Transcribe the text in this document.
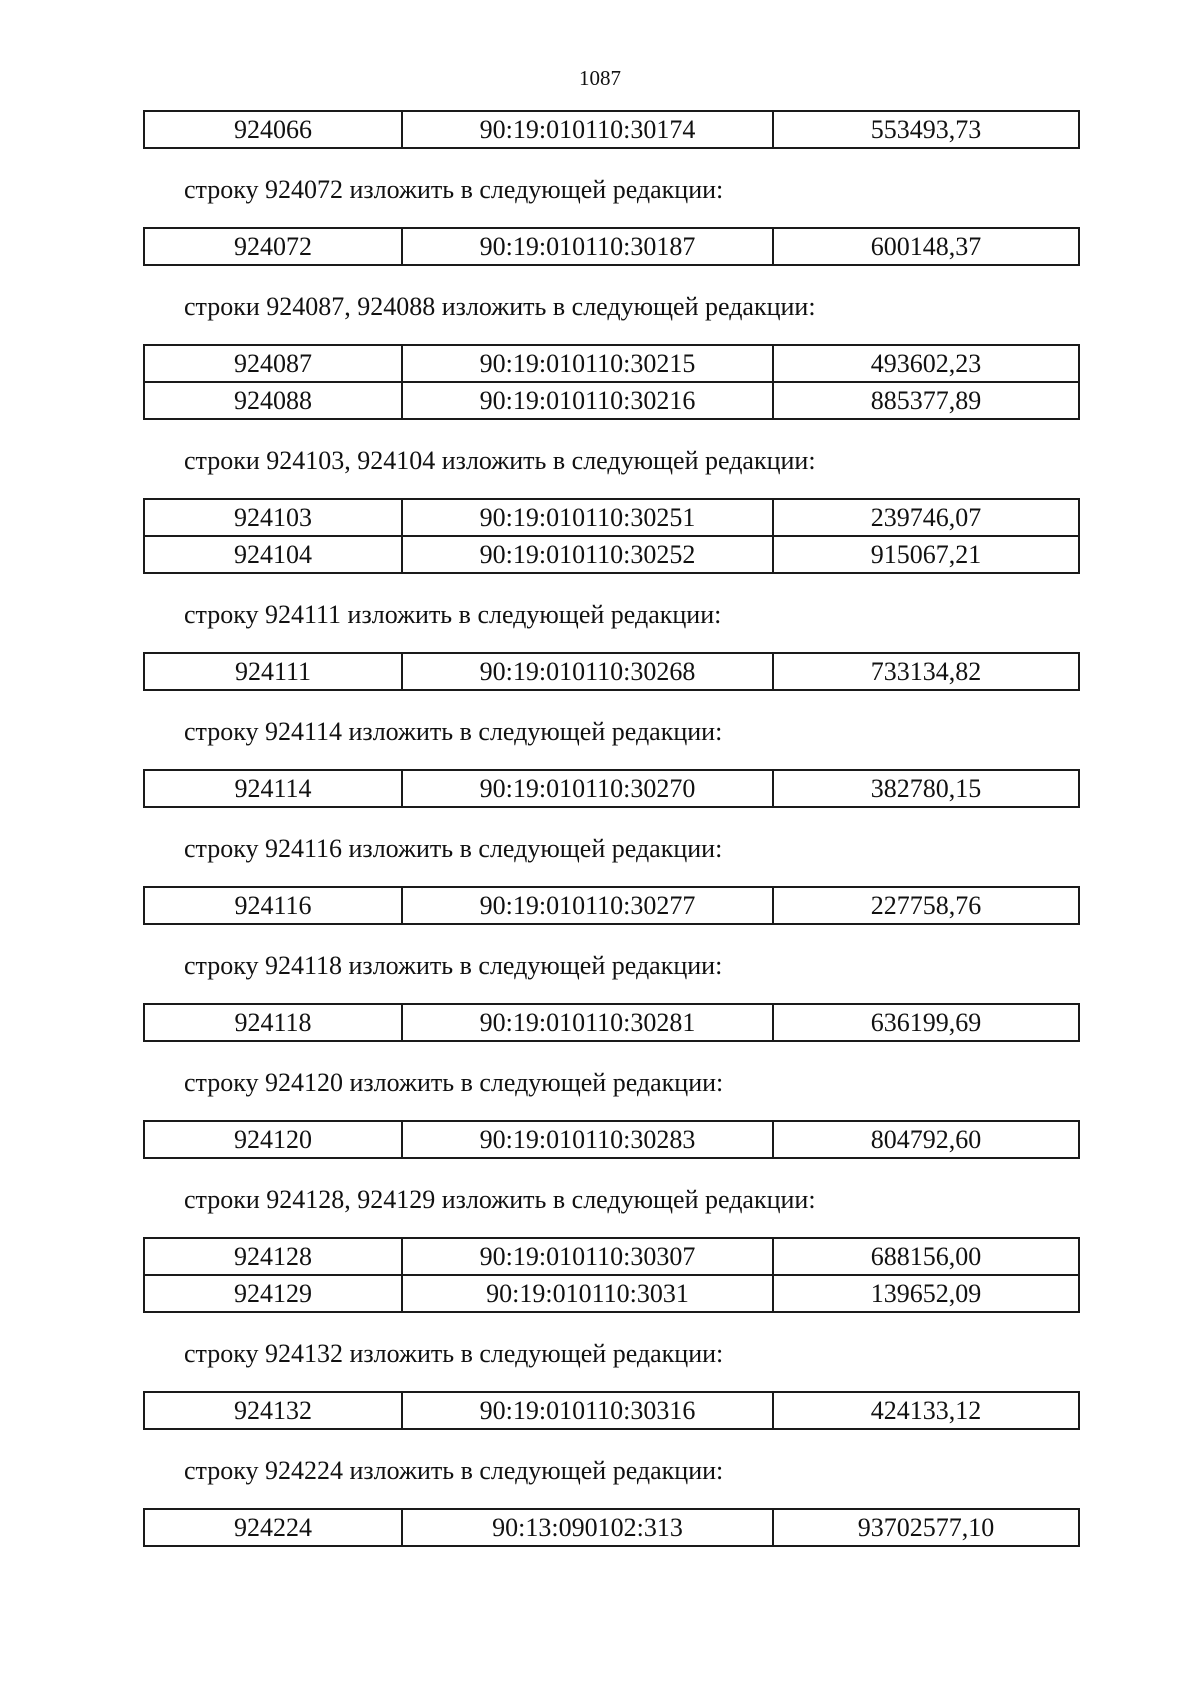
1087
924066	90:19:010110:30174	553493,73

строку 924072 изложить в следующей редакции:

924072	90:19:010110:30187	600148,37

строки 924087, 924088 изложить в следующей редакции:

924087	90:19:010110:30215	493602,23
924088	90:19:010110:30216	885377,89

строки 924103, 924104 изложить в следующей редакции:

924103	90:19:010110:30251	239746,07
924104	90:19:010110:30252	915067,21

строку 924111 изложить в следующей редакции:

924111	90:19:010110:30268	733134,82

строку 924114 изложить в следующей редакции:

924114	90:19:010110:30270	382780,15

строку 924116 изложить в следующей редакции:

924116	90:19:010110:30277	227758,76

строку 924118 изложить в следующей редакции:

924118	90:19:010110:30281	636199,69

строку 924120 изложить в следующей редакции:

924120	90:19:010110:30283	804792,60

строки 924128, 924129 изложить в следующей редакции:

924128	90:19:010110:30307	688156,00
924129	90:19:010110:3031	139652,09

строку 924132 изложить в следующей редакции:

924132	90:19:010110:30316	424133,12

строку 924224 изложить в следующей редакции:

924224	90:13:090102:313	93702577,10
